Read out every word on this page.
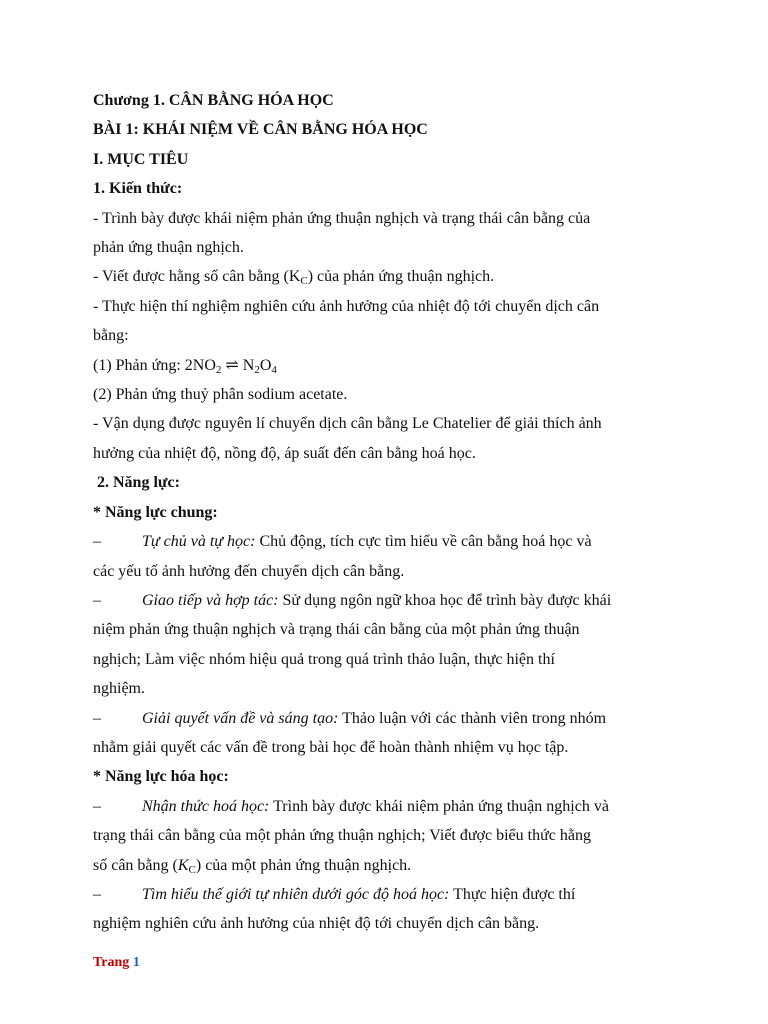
Chương 1. CÂN BẰNG HÓA HỌC
BÀI 1: KHÁI NIỆM VỀ CÂN BẰNG HÓA HỌC
I. MỤC TIÊU
1. Kiến thức:
- Trình bày được khái niệm phản ứng thuận nghịch và trạng thái cân bằng của
phản ứng thuận nghịch.
- Viết được hằng số cân bằng $(K_C)$ của phản ứng thuận nghịch.
- Thực hiện thí nghiệm nghiên cứu ảnh hưởng của nhiệt độ tới chuyển dịch cân
bằng:
(1) Phản ứng: $2NO_2$ ⇌ $N_2O_4$
(2) Phản ứng thuỷ phân sodium acetate.
- Vận dụng được nguyên lí chuyển dịch cân bằng Le Chatelier để giải thích ảnh
hưởng của nhiệt độ, nồng độ, áp suất đến cân bằng hoá học.
2. Năng lực:
* Năng lực chung:
–	Tự chủ và tự học: Chủ động, tích cực tìm hiểu về cân bằng hoá học và
các yếu tố ảnh hưởng đến chuyển dịch cân bằng.
–	Giao tiếp và hợp tác: Sử dụng ngôn ngữ khoa học để trình bày được khái
niệm phản ứng thuận nghịch và trạng thái cân bằng của một phản ứng thuận
nghịch; Làm việc nhóm hiệu quả trong quá trình thảo luận, thực hiện thí
nghiệm.
–	Giải quyết vấn đề và sáng tạo: Thảo luận với các thành viên trong nhóm
nhằm giải quyết các vấn đề trong bài học để hoàn thành nhiệm vụ học tập.
* Năng lực hóa học:
–	Nhận thức hoá học: Trình bày được khái niệm phản ứng thuận nghịch và
trạng thái cân bằng của một phản ứng thuận nghịch; Viết được biểu thức hằng
số cân bằng $(K_C)$ của một phản ứng thuận nghịch.
–	Tìm hiểu thế giới tự nhiên dưới góc độ hoá học: Thực hiện được thí
nghiệm nghiên cứu ảnh hưởng của nhiệt độ tới chuyển dịch cân bằng.
Trang 1
